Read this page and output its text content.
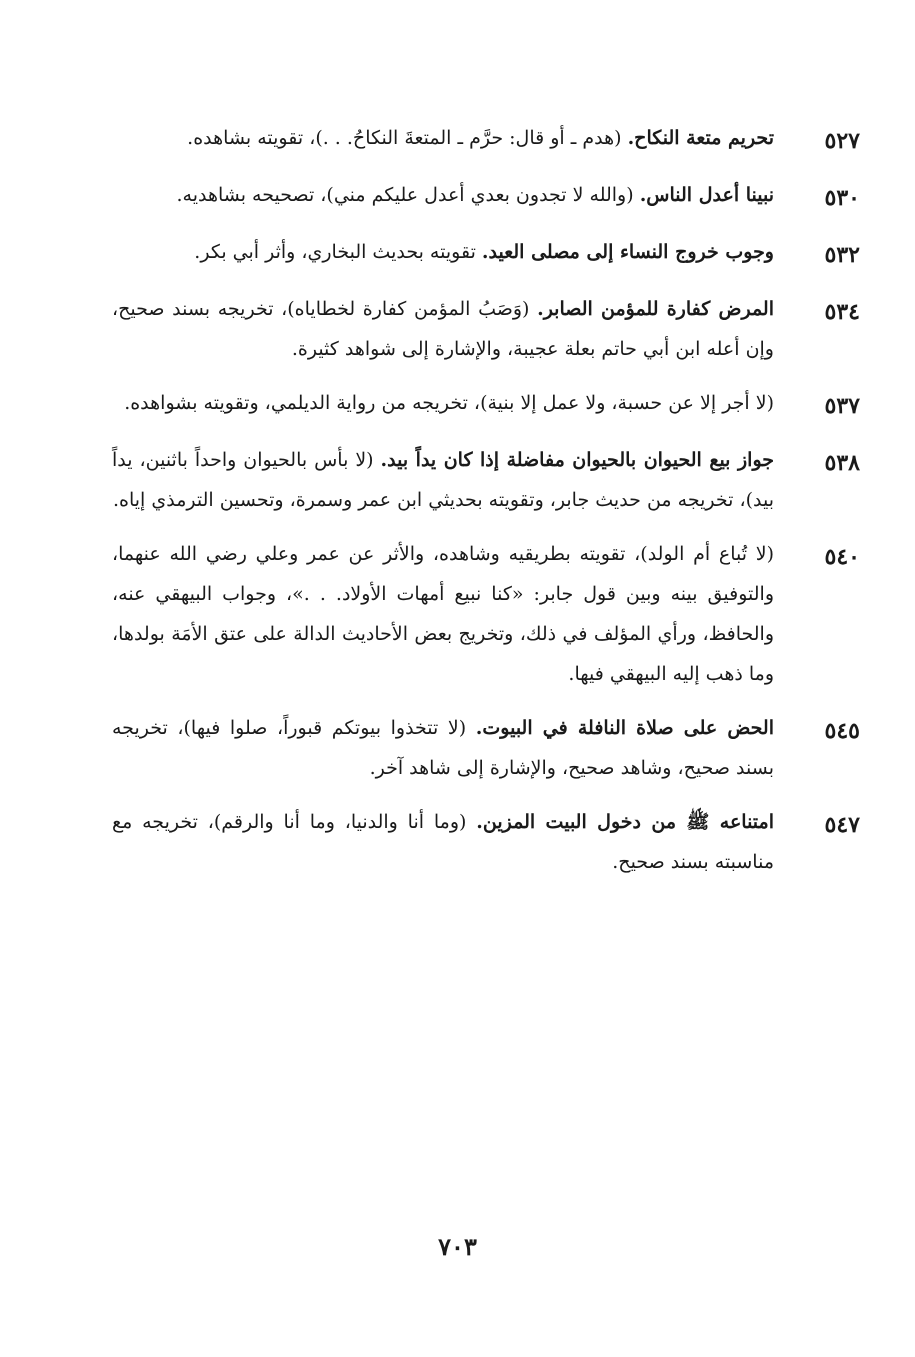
٥٢٧
تحريم متعة النكاح. (هدم ـ أو قال: حرَّم ـ المتعةَ النكاحُ. . .)، تقويته بشاهده.
٥٣٠
نبينا أعدل الناس. (والله لا تجدون بعدي أعدل عليكم مني)، تصحيحه بشاهديه.
٥٣٢
وجوب خروج النساء إلى مصلى العيد. تقويته بحديث البخاري، وأثر أبي بكر.
٥٣٤
المرض كفارة للمؤمن الصابر. (وَصَبُ المؤمن كفارة لخطاياه)، تخريجه بسند صحيح، وإن أعله ابن أبي حاتم بعلة عجيبة، والإشارة إلى شواهد كثيرة.
٥٣٧
(لا أجر إلا عن حسبة، ولا عمل إلا بنية)، تخريجه من رواية الديلمي، وتقويته بشواهده.
٥٣٨
جواز بيع الحيوان بالحيوان مفاضلة إذا كان يداً بيد. (لا بأس بالحيوان واحداً باثنين، يداً بيد)، تخريجه من حديث جابر، وتقويته بحديثي ابن عمر وسمرة، وتحسين الترمذي إياه.
٥٤٠
(لا تُباع أم الولد)، تقويته بطريقيه وشاهده، والأثر عن عمر وعلي رضي الله عنهما، والتوفيق بينه وبين قول جابر: «كنا نبيع أمهات الأولاد. . .»، وجواب البيهقي عنه، والحافظ، ورأي المؤلف في ذلك، وتخريج بعض الأحاديث الدالة على عتق الأمَة بولدها، وما ذهب إليه البيهقي فيها.
٥٤٥
الحض على صلاة النافلة في البيوت. (لا تتخذوا بيوتكم قبوراً، صلوا فيها)، تخريجه بسند صحيح، وشاهد صحيح، والإشارة إلى شاهد آخر.
٥٤٧
امتناعه ﷺ من دخول البيت المزين. (وما أنا والدنيا، وما أنا والرقم)، تخريجه مع مناسبته بسند صحيح.
٧٠٣
